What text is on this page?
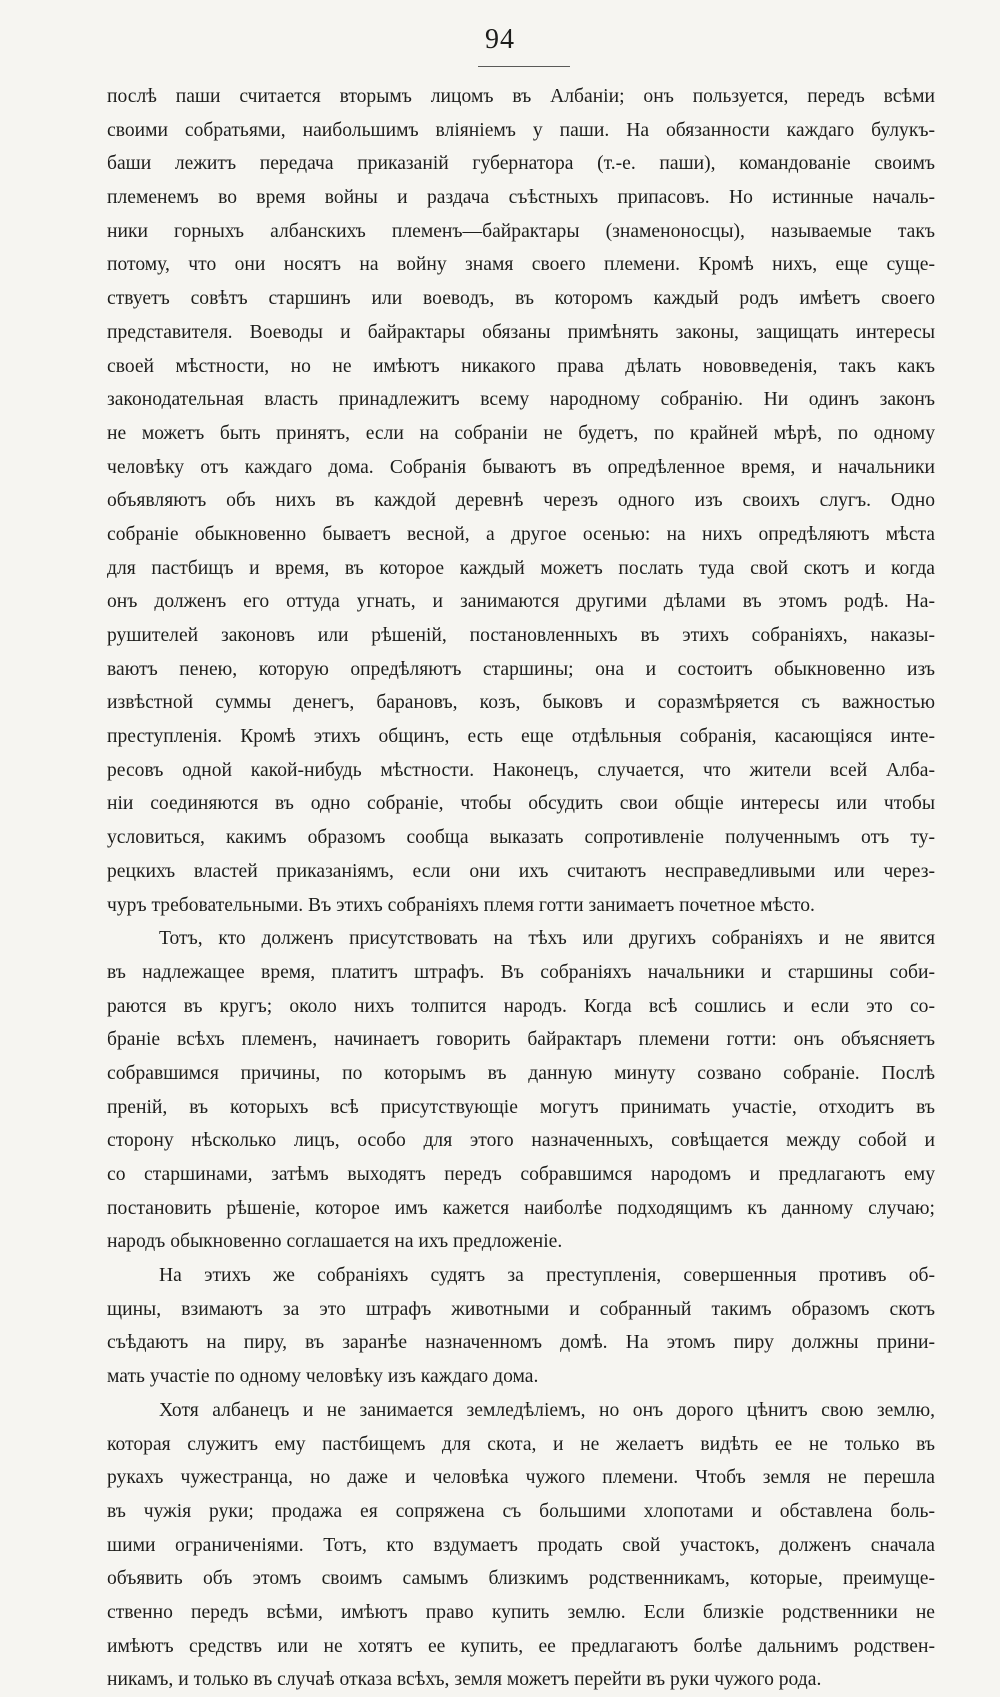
94
послѣ паши считается вторымъ лицомъ въ Албаніи; онъ пользуется, передъ всѣми
своими собратьями, наибольшимъ вліяніемъ у паши. На обязанности каждаго булукъ-
баши лежитъ передача приказаній губернатора (т.-е. паши), командованіе своимъ
племенемъ во время войны и раздача съѣстныхъ припасовъ. Но истинные началь-
ники горныхъ албанскихъ племенъ—байрактары (знаменоносцы), называемые такъ
потому, что они носятъ на войну знамя своего племени. Кромѣ нихъ, еще суще-
ствуетъ совѣтъ старшинъ или воеводъ, въ которомъ каждый родъ имѣетъ своего
представителя. Воеводы и байрактары обязаны примѣнять законы, защищать интересы
своей мѣстности, но не имѣютъ никакого права дѣлать нововведенія, такъ какъ
законодательная власть принадлежитъ всему народному собранію. Ни одинъ законъ
не можетъ быть принятъ, если на собраніи не будетъ, по крайней мѣрѣ, по одному
человѣку отъ каждаго дома. Собранія бываютъ въ опредѣленное время, и начальники
объявляютъ объ нихъ въ каждой деревнѣ черезъ одного изъ своихъ слугъ. Одно
собраніе обыкновенно бываетъ весной, а другое осенью: на нихъ опредѣляютъ мѣста
для пастбищъ и время, въ которое каждый можетъ послать туда свой скотъ и когда
онъ долженъ его оттуда угнать, и занимаются другими дѣлами въ этомъ родѣ. На-
рушителей законовъ или рѣшеній, постановленныхъ въ этихъ собраніяхъ, наказы-
ваютъ пенею, которую опредѣляютъ старшины; она и состоитъ обыкновенно изъ
извѣстной суммы денегъ, барановъ, козъ, быковъ и соразмѣряется съ важностью
преступленія. Кромѣ этихъ общинъ, есть еще отдѣльныя собранія, касающіяся инте-
ресовъ одной какой-нибудь мѣстности. Наконецъ, случается, что жители всей Алба-
ніи соединяются въ одно собраніе, чтобы обсудить свои общіе интересы или чтобы
условиться, какимъ образомъ сообща выказать сопротивленіе полученнымъ отъ ту-
рецкихъ властей приказаніямъ, если они ихъ считаютъ несправедливыми или через-
чуръ требовательными. Въ этихъ собраніяхъ племя готти занимаетъ почетное мѣсто.
Тотъ, кто долженъ присутствовать на тѣхъ или другихъ собраніяхъ и не явится
въ надлежащее время, платитъ штрафъ. Въ собраніяхъ начальники и старшины соби-
раются въ кругъ; около нихъ толпится народъ. Когда всѣ сошлись и если это со-
браніе всѣхъ племенъ, начинаетъ говорить байрактаръ племени готти: онъ объясняетъ
собравшимся причины, по которымъ въ данную минуту созвано собраніе. Послѣ
преній, въ которыхъ всѣ присутствующіе могутъ принимать участіе, отходитъ въ
сторону нѣсколько лицъ, особо для этого назначенныхъ, совѣщается между собой и
со старшинами, затѣмъ выходятъ передъ собравшимся народомъ и предлагаютъ ему
постановить рѣшеніе, которое имъ кажется наиболѣе подходящимъ къ данному случаю;
народъ обыкновенно соглашается на ихъ предложеніе.
На этихъ же собраніяхъ судятъ за преступленія, совершенныя противъ об-
щины, взимаютъ за это штрафъ животными и собранный такимъ образомъ скотъ
съѣдаютъ на пиру, въ заранѣе назначенномъ домѣ. На этомъ пиру должны прини-
мать участіе по одному человѣку изъ каждаго дома.
Хотя албанецъ и не занимается земледѣліемъ, но онъ дорого цѣнитъ свою землю,
которая служитъ ему пастбищемъ для скота, и не желаетъ видѣть ее не только въ
рукахъ чужестранца, но даже и человѣка чужого племени. Чтобъ земля не перешла
въ чужія руки; продажа ея сопряжена съ большими хлопотами и обставлена боль-
шими ограниченіями. Тотъ, кто вздумаетъ продать свой участокъ, долженъ сначала
объявить объ этомъ своимъ самымъ близкимъ родственникамъ, которые, преимуще-
ственно передъ всѣми, имѣютъ право купить землю. Если близкіе родственники не
имѣютъ средствъ или не хотятъ ее купить, ее предлагаютъ болѣе дальнимъ родствен-
никамъ, и только въ случаѣ отказа всѣхъ, земля можетъ перейти въ руки чужого рода.
